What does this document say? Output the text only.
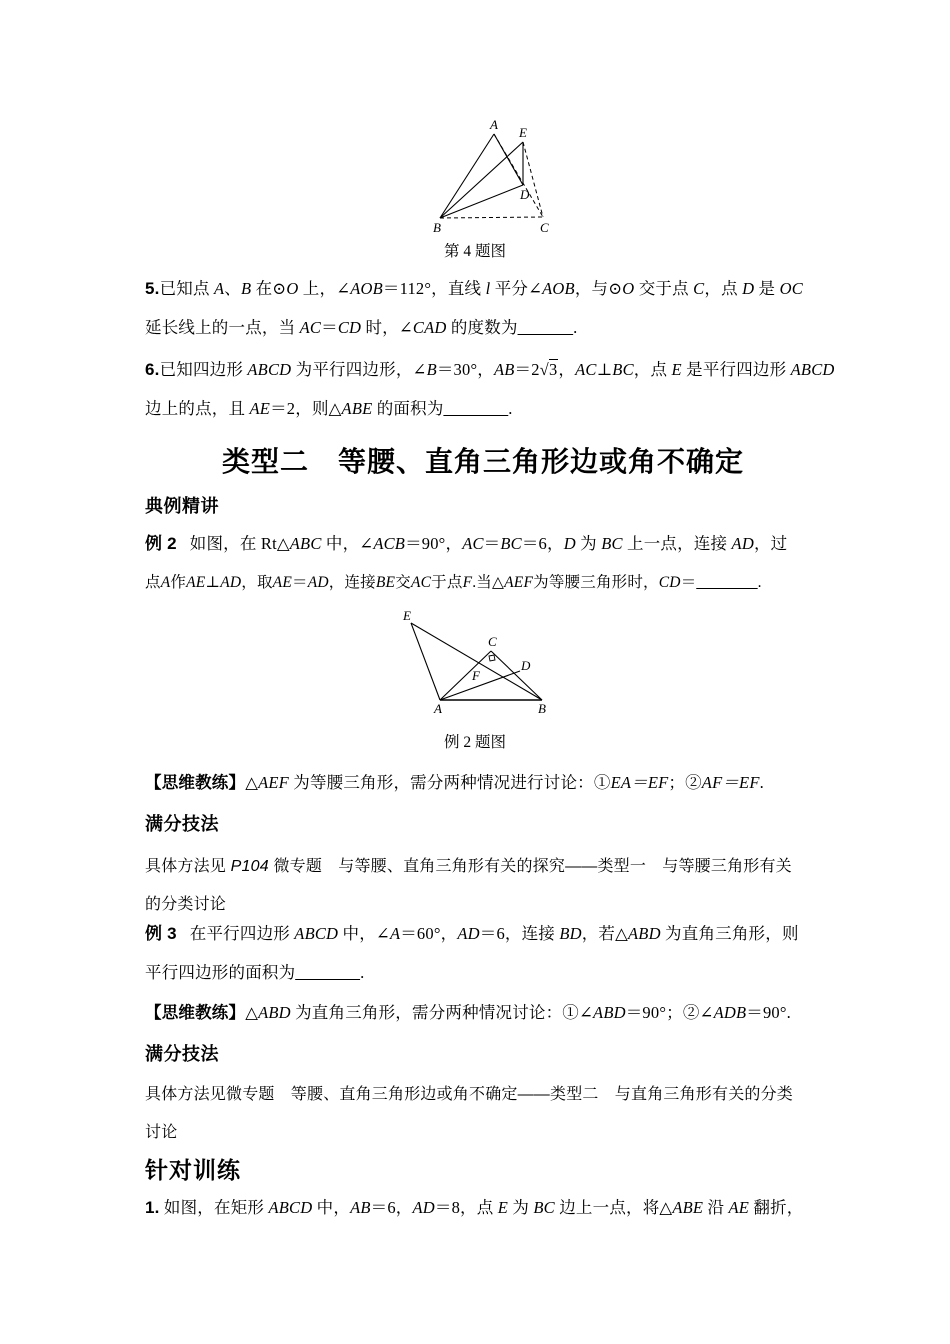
A
E
D
B	C
第 4 题图
5.已知点 A、B 在⊙O 上，∠AOB＝112°，直线 l 平分∠AOB，与⊙O 交于点 C，点 D 是 OC
延长线上的一点，当 AC＝CD 时，∠CAD 的度数为______.
6.已知四边形 ABCD 为平行四边形，∠B＝30°，AB＝2√3，AC⊥BC，点 E 是平行四边形 ABCD
边上的点，且 AE＝2，则△ABE 的面积为_______.
类型二　等腰、直角三角形边或角不确定
典例精讲
例 2 如图，在 Rt△ABC 中，∠ACB＝90°，AC＝BC＝6，D 为 BC 上一点，连接 AD，过
点A作AE⊥AD，取AE＝AD，连接BE交AC于点F.当△AEF为等腰三角形时，CD＝_______.
E
C
F
D
A	B
例 2 题图
【思维教练】△AEF 为等腰三角形，需分两种情况进行讨论：①EA＝EF；②AF＝EF.
满分技法
具体方法见 P104 微专题　与等腰、直角三角形有关的探究——类型一　与等腰三角形有关
的分类讨论
例 3 在平行四边形 ABCD 中，∠A＝60°，AD＝6，连接 BD，若△ABD 为直角三角形，则
平行四边形的面积为_______.
【思维教练】△ABD 为直角三角形，需分两种情况讨论：①∠ABD＝90°；②∠ADB＝90°.
满分技法
具体方法见微专题　等腰、直角三角形边或角不确定——类型二　与直角三角形有关的分类
讨论
针对训练
1. 如图，在矩形 ABCD 中，AB＝6，AD＝8，点 E 为 BC 边上一点，将△ABE 沿 AE 翻折，
